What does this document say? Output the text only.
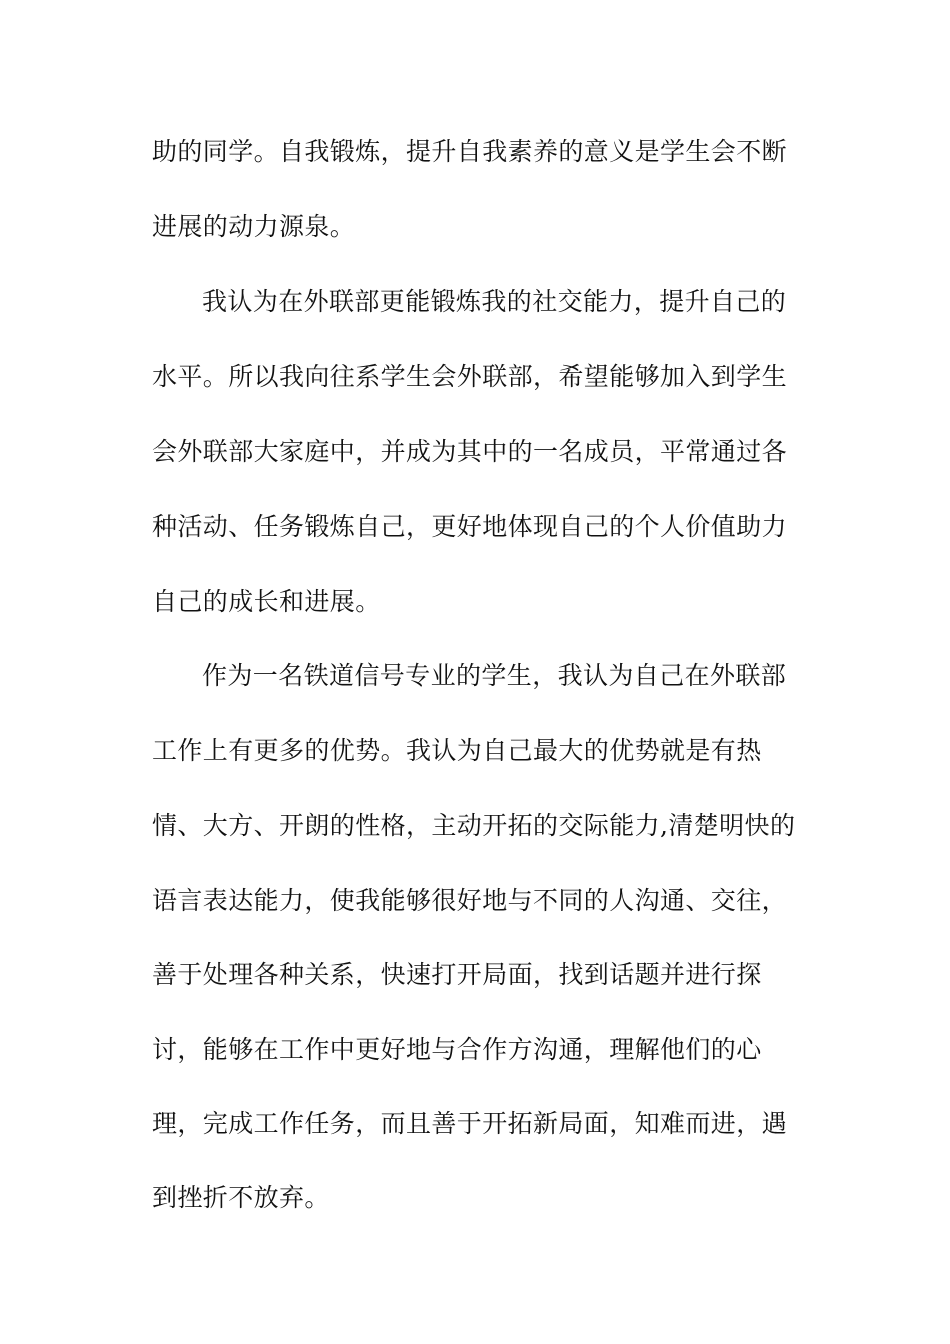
助的同学。自我锻炼，提升自我素养的意义是学生会不断
进展的动力源泉。
我认为在外联部更能锻炼我的社交能力，提升自己的
水平。所以我向往系学生会外联部，希望能够加入到学生
会外联部大家庭中，并成为其中的一名成员，平常通过各
种活动、任务锻炼自己，更好地体现自己的个人价值助力
自己的成长和进展。
作为一名铁道信号专业的学生，我认为自己在外联部
工作上有更多的优势。我认为自己最大的优势就是有热
情、大方、开朗的性格，主动开拓的交际能力,清楚明快的
语言表达能力，使我能够很好地与不同的人沟通、交往，
善于处理各种关系，快速打开局面，找到话题并进行探
讨，能够在工作中更好地与合作方沟通，理解他们的心
理，完成工作任务，而且善于开拓新局面，知难而进，遇
到挫折不放弃。
